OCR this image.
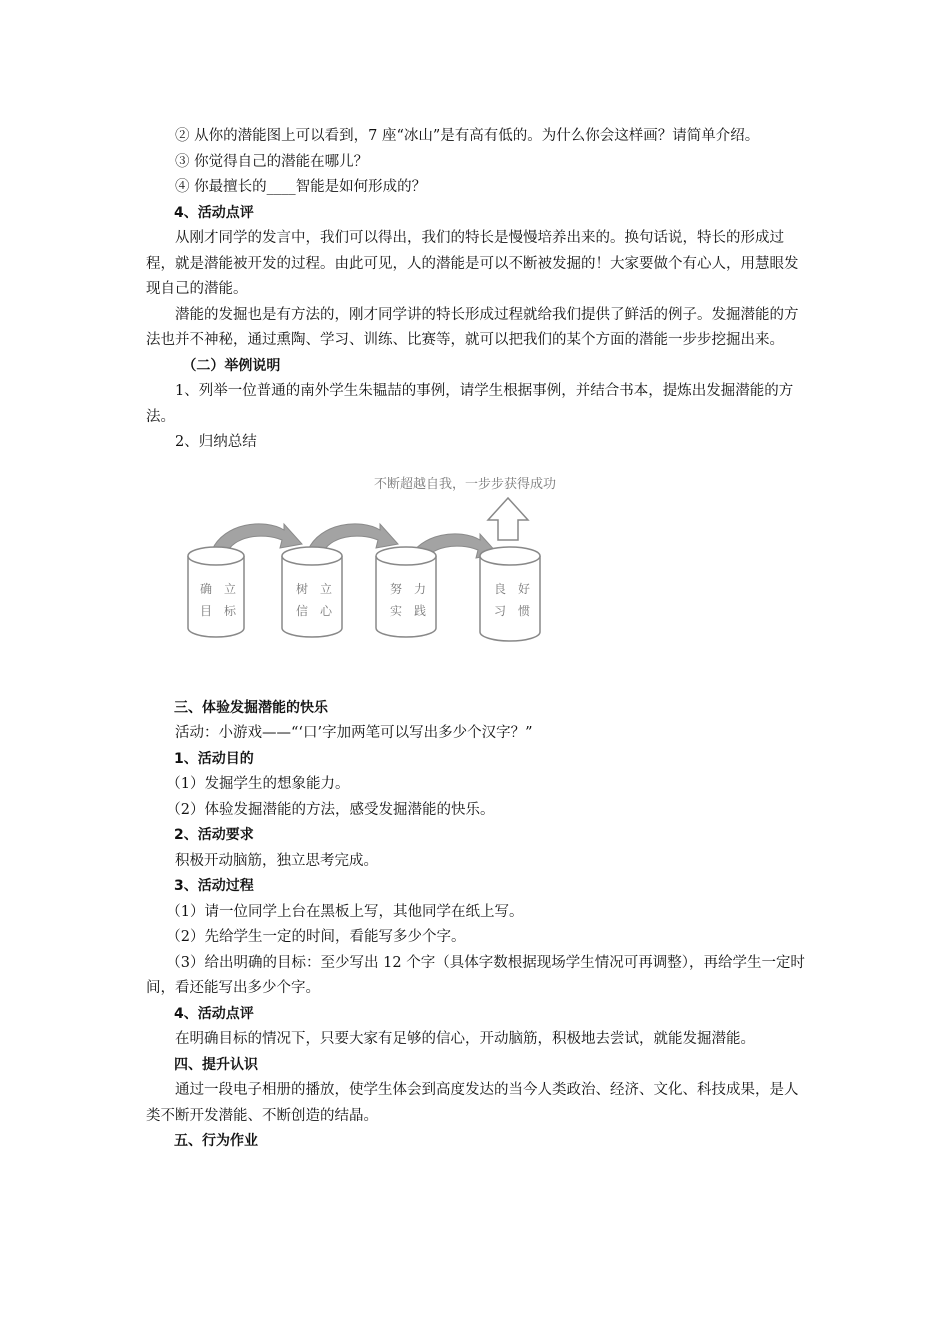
② 从你的潜能图上可以看到，7 座“冰山”是有高有低的。为什么你会这样画？请简单介绍。

③ 你觉得自己的潜能在哪儿？

④ 你最擅长的____智能是如何形成的？

4、活动点评

从刚才同学的发言中，我们可以得出，我们的特长是慢慢培养出来的。换句话说，特长的形成过程，就是潜能被开发的过程。由此可见，人的潜能是可以不断被发掘的！大家要做个有心人，用慧眼发现自己的潜能。

潜能的发掘也是有方法的，刚才同学讲的特长形成过程就给我们提供了鲜活的例子。发掘潜能的方法也并不神秘，通过熏陶、学习、训练、比赛等，就可以把我们的某个方面的潜能一步步挖掘出来。

（二）举例说明

1、列举一位普通的南外学生朱韫喆的事例，请学生根据事例，并结合书本，提炼出发掘潜能的方法。

2、归纳总结

不断超越自我，一步步获得成功
确　立
目　标
树　立
信　心
努　力
实　践
良　好
习　惯

三、体验发掘潜能的快乐

活动：小游戏——“‘口’字加两笔可以写出多少个汉字？”

1、活动目的

（1）发掘学生的想象能力。

（2）体验发掘潜能的方法，感受发掘潜能的快乐。

2、活动要求

积极开动脑筋，独立思考完成。

3、活动过程

（1）请一位同学上台在黑板上写，其他同学在纸上写。

（2）先给学生一定的时间，看能写多少个字。

（3）给出明确的目标：至少写出 12 个字（具体字数根据现场学生情况可再调整），再给学生一定时间，看还能写出多少个字。

4、活动点评

在明确目标的情况下，只要大家有足够的信心，开动脑筋，积极地去尝试，就能发掘潜能。

四、提升认识

通过一段电子相册的播放，使学生体会到高度发达的当今人类政治、经济、文化、科技成果，是人类不断开发潜能、不断创造的结晶。

五、行为作业
